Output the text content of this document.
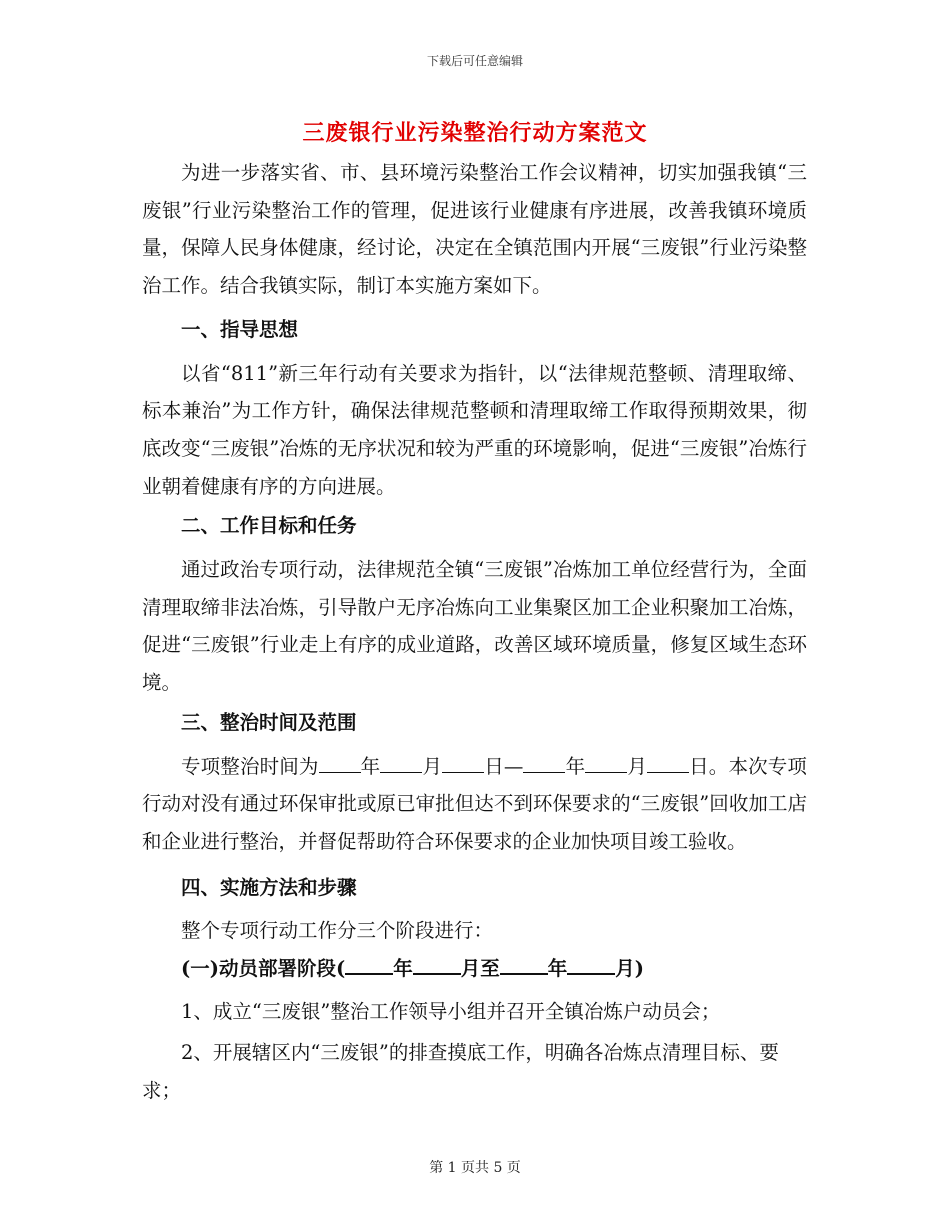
下载后可任意编辑
三废银行业污染整治行动方案范文

为进一步落实省、市、县环境污染整治工作会议精神，切实加强我镇“三废银”行业污染整治工作的管理，促进该行业健康有序进展，改善我镇环境质量，保障人民身体健康，经讨论，决定在全镇范围内开展“三废银”行业污染整治工作。结合我镇实际，制订本实施方案如下。

一、指导思想

以省“811”新三年行动有关要求为指针，以“法律规范整顿、清理取缔、标本兼治”为工作方针，确保法律规范整顿和清理取缔工作取得预期效果，彻底改变“三废银”冶炼的无序状况和较为严重的环境影响，促进“三废银”冶炼行业朝着健康有序的方向进展。

二、工作目标和任务

通过政治专项行动，法律规范全镇“三废银”冶炼加工单位经营行为，全面清理取缔非法冶炼，引导散户无序冶炼向工业集聚区加工企业积聚加工冶炼，促进“三废银”行业走上有序的成业道路，改善区域环境质量，修复区域生态环境。

三、整治时间及范围

专项整治时间为 年 月 日— 年 月 日。本次专项行动对没有通过环保审批或原已审批但达不到环保要求的“三废银”回收加工店和企业进行整治，并督促帮助符合环保要求的企业加快项目竣工验收。

四、实施方法和步骤

整个专项行动工作分三个阶段进行：

(一)动员部署阶段( 年 月至 年 月)

1、成立“三废银”整治工作领导小组并召开全镇冶炼户动员会；

2、开展辖区内“三废银”的排查摸底工作，明确各冶炼点清理目标、要求；

第 1 页共 5 页
